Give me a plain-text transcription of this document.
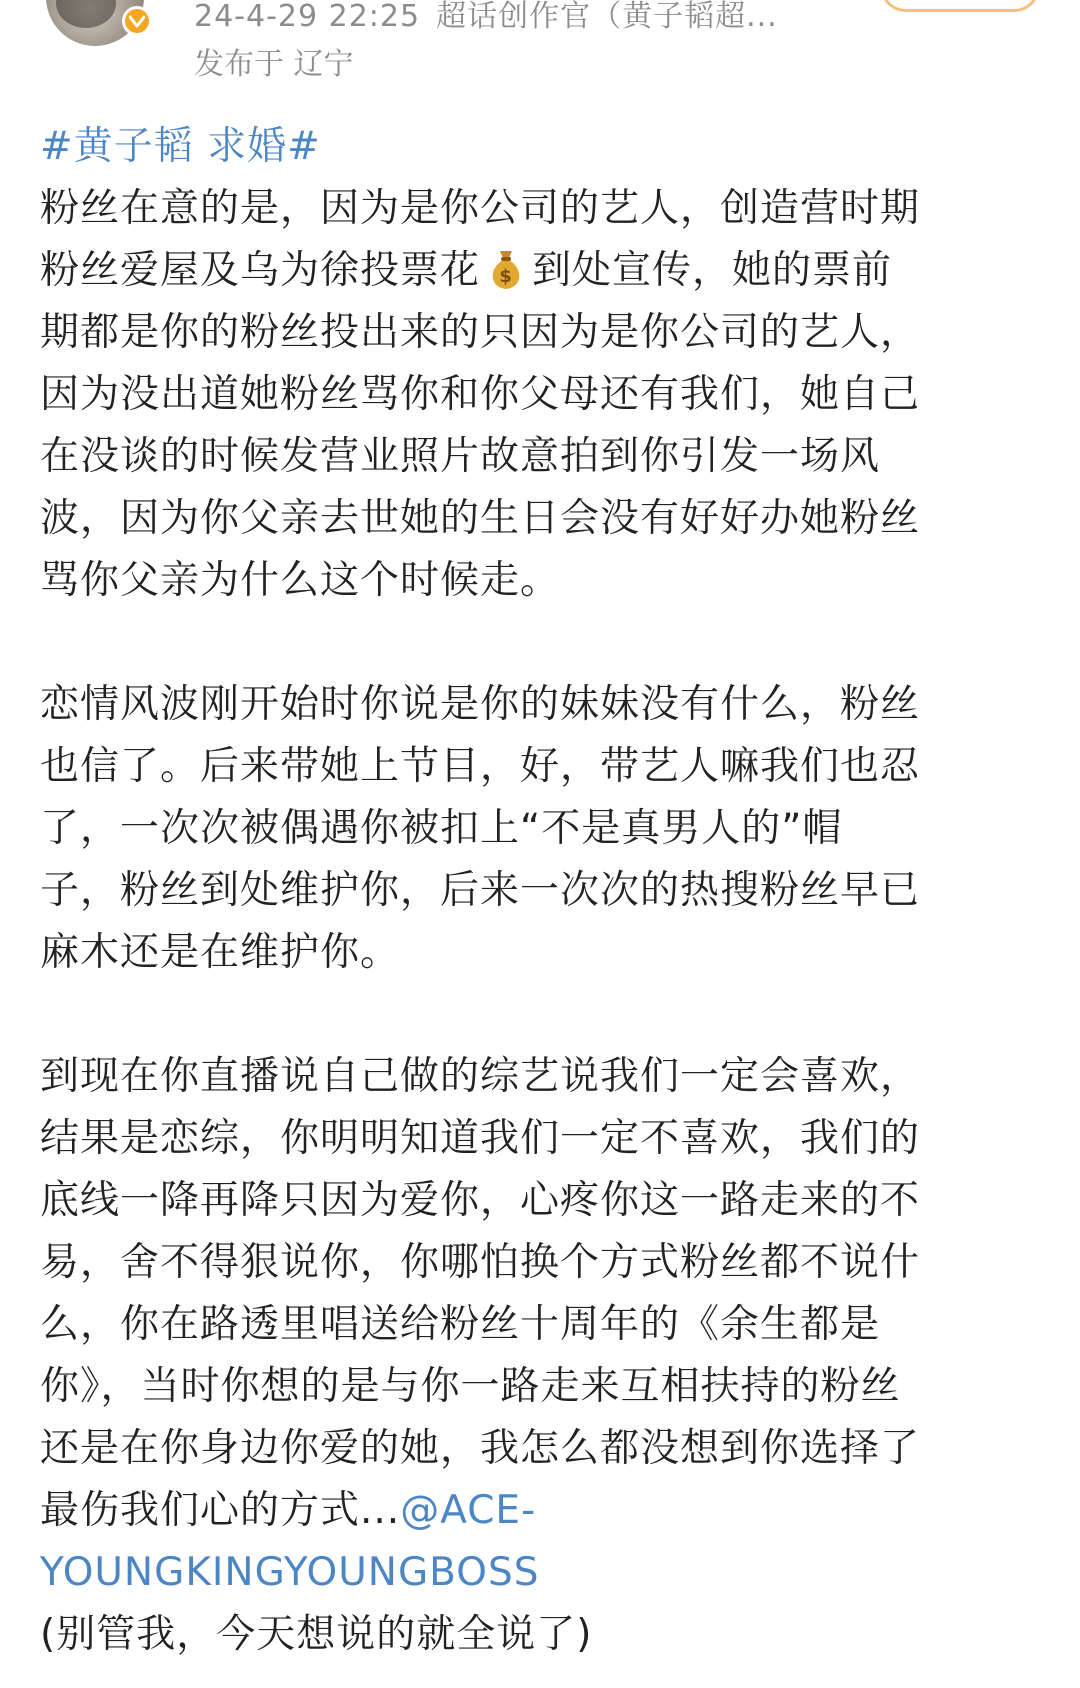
24-4-29 22:25 超话创作官（黄子韬超...
发布于 辽宁

#黄子韬 求婚#

粉丝在意的是，因为是你公司的艺人，创造营时期

粉丝爱屋及乌为徐投票花 $ 到处宣传，她的票前

期都是你的粉丝投出来的只因为是你公司的艺人，

因为没出道她粉丝骂你和你父母还有我们，她自己

在没谈的时候发营业照片故意拍到你引发一场风

波，因为你父亲去世她的生日会没有好好办她粉丝

骂你父亲为什么这个时候走。

恋情风波刚开始时你说是你的妹妹没有什么，粉丝

也信了。后来带她上节目，好，带艺人嘛我们也忍

了，一次次被偶遇你被扣上“不是真男人的”帽

子，粉丝到处维护你，后来一次次的热搜粉丝早已

麻木还是在维护你。

到现在你直播说自己做的综艺说我们一定会喜欢，

结果是恋综，你明明知道我们一定不喜欢，我们的

底线一降再降只因为爱你，心疼你这一路走来的不

易，舍不得狠说你，你哪怕换个方式粉丝都不说什

么，你在路透里唱送给粉丝十周年的《余生都是

你》，当时你想的是与你一路走来互相扶持的粉丝

还是在你身边你爱的她，我怎么都没想到你选择了

最伤我们心的方式...@ACE-

YOUNGKINGYOUNGBOSS

(别管我，今天想说的就全说了)
